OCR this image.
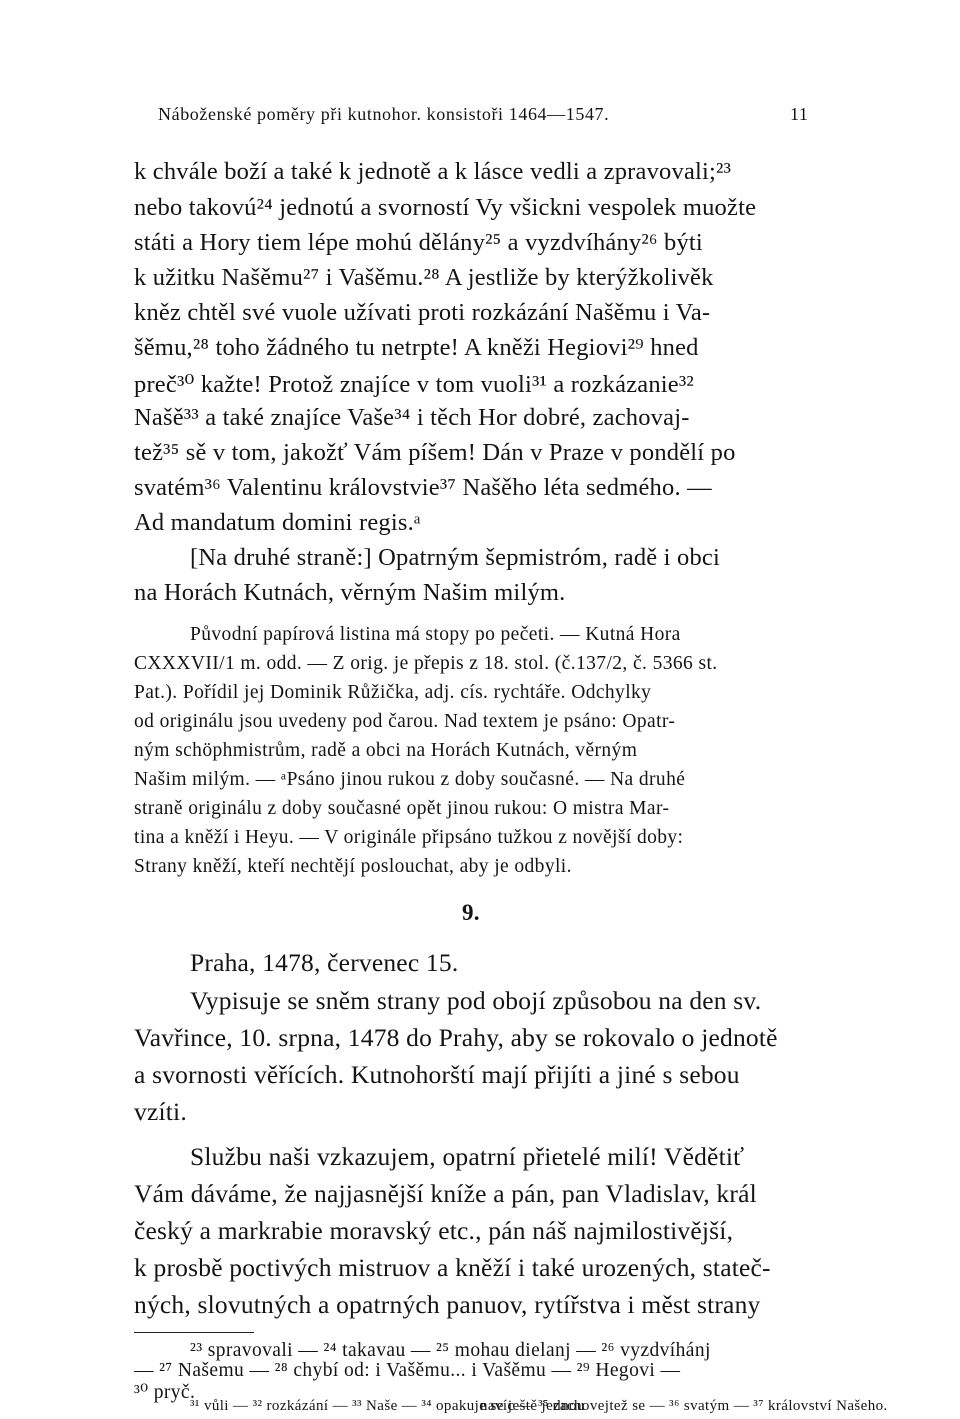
Náboženské poměry při kutnohor. konsistoři 1464—1547.	11
k chvále boží a také k jednotě a k lásce vedli a zpravovali;²³
nebo takovú²⁴ jednotú a svorností Vy všickni vespolek muožte
státi a Hory tiem lépe mohú dělány²⁵ a vyzdvíhány²⁶ býti
k užitku Našěmu²⁷ i Vašěmu.²⁸ A jestliže by kterýžkolivěk
kněz chtěl své vuole užívati proti rozkázání Našěmu i Va-
šěmu,²⁸ toho žádného tu netrpte! A kněži Hegiovi²⁹ hned
preč³⁰ kažte! Protož znajíce v tom vuoli³¹ a rozkázanie³²
Našě³³ a také znajíce Vaše³⁴ i těch Hor dobré, zachovaj-
tež³⁵ sě v tom, jakožť Vám píšem! Dán v Praze v pondělí po
svatém³⁶ Valentinu královstvie³⁷ Našěho léta sedmého. —
Ad mandatum domini regis.ᵃ
[Na druhé straně:] Opatrným šepmistróm, radě i obci
na Horách Kutnách, věrným Našim milým.
Původní papírová listina má stopy po pečeti. — Kutná Hora
CXXXVII/1 m. odd. — Z orig. je přepis z 18. stol. (č.137/2, č. 5366 st.
Pat.). Pořídil jej Dominik Růžička, adj. cís. rychtáře. Odchylky
od originálu jsou uvedeny pod čarou. Nad textem je psáno: Opatr-
ným schöphmistrům, radě a obci na Horách Kutnách, věrným
Našim milým. — ᵃPsáno jinou rukou z doby současné. — Na druhé
straně originálu z doby současné opět jinou rukou: O mistra Mar-
tina a kněží i Heyu. — V originále připsáno tužkou z novější doby:
Strany kněží, kteří nechtějí poslouchat, aby je odbyli.
9.
Praha, 1478, červenec 15.
Vypisuje se sněm strany pod obojí způsobou na den sv.
Vavřince, 10. srpna, 1478 do Prahy, aby se rokovalo o jednotě
a svornosti věřících. Kutnohorští mají přijíti a jiné s sebou
vzíti.
Službu naši vzkazujem, opatrní přietelé milí! Vědětiť
Vám dáváme, že najjasnější kníže a pán, pan Vladislav, král
český a markrabie moravský etc., pán náš najmilostivější,
k prosbě poctivých mistruov a kněží i také urozených, stateč-
ných, slovutných a opatrných panuov, rytířstva i měst strany
²³ spravovali — ²⁴ takavau — ²⁵ mohau dielanj — ²⁶ vyzdvíhánj
— ²⁷ Našemu — ²⁸ chybí od: i Vašěmu... i Vašěmu — ²⁹ Hegovi —
³⁰ pryč.
³¹ vůli — ³² rozkázání — ³³ Naše — ³⁴ opakuje se ještě jednou
navíc — ³⁵ zachovejtež se — ³⁶ svatým — ³⁷ království Našeho.
